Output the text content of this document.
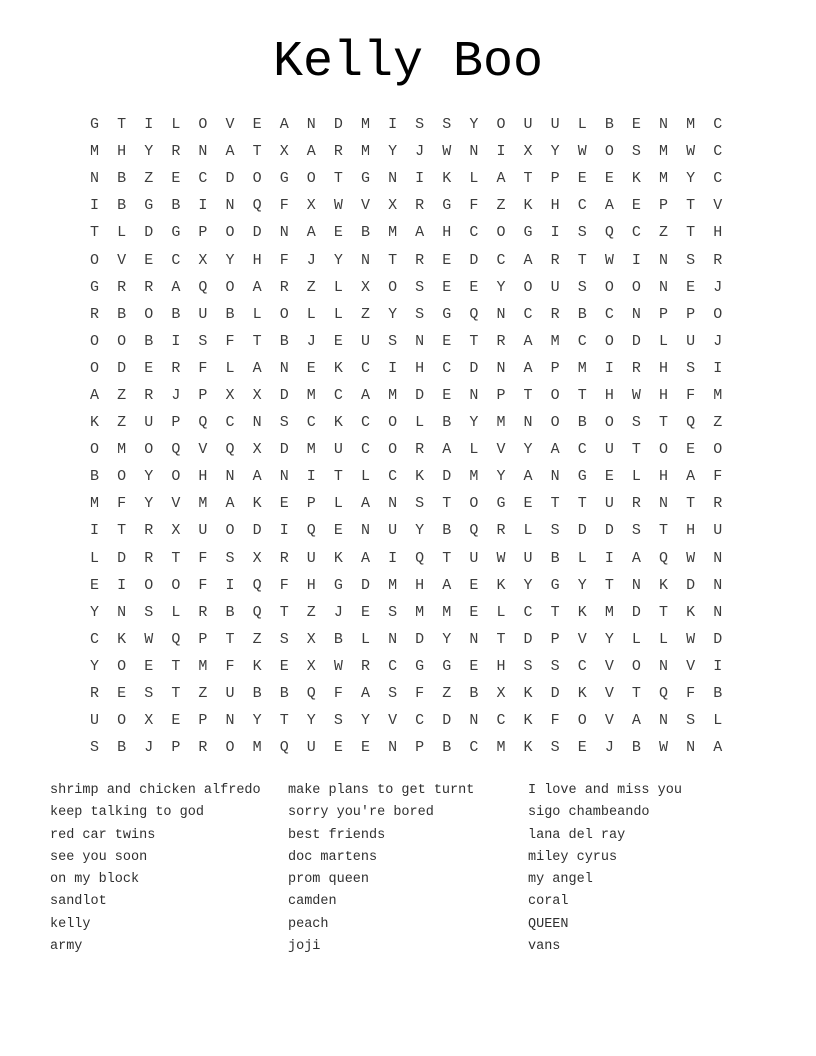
Kelly Boo
G	T	I	L	O	V	E	A	N	D	M	I	S	S	Y	O	U	U	L	B	E	N	M	C
M	H	Y	R	N	A	T	X	A	R	M	Y	J	W	N	I	X	Y	W	O	S	M	W	C
N	B	Z	E	C	D	O	G	O	T	G	N	I	K	L	A	T	P	E	E	K	M	Y	C
I	B	G	B	I	N	Q	F	X	W	V	X	R	G	F	Z	K	H	C	A	E	P	T	V
T	L	D	G	P	O	D	N	A	E	B	M	A	H	C	O	G	I	S	Q	C	Z	T	H
O	V	E	C	X	Y	H	F	J	Y	N	T	R	E	D	C	A	R	T	W	I	N	S	R
G	R	R	A	Q	O	A	R	Z	L	X	O	S	E	E	Y	O	U	S	O	O	N	E	J
R	B	O	B	U	B	L	O	L	L	Z	Y	S	G	Q	N	C	R	B	C	N	P	P	O
O	O	B	I	S	F	T	B	J	E	U	S	N	E	T	R	A	M	C	O	D	L	U	J
O	D	E	R	F	L	A	N	E	K	C	I	H	C	D	N	A	P	M	I	R	H	S	I
A	Z	R	J	P	X	X	D	M	C	A	M	D	E	N	P	T	O	T	H	W	H	F	M
K	Z	U	P	Q	C	N	S	C	K	C	O	L	B	Y	M	N	O	B	O	S	T	Q	Z
O	M	O	Q	V	Q	X	D	M	U	C	O	R	A	L	V	Y	A	C	U	T	O	E	O
B	O	Y	O	H	N	A	N	I	T	L	C	K	D	M	Y	A	N	G	E	L	H	A	F
M	F	Y	V	M	A	K	E	P	L	A	N	S	T	O	G	E	T	T	U	R	N	T	R
I	T	R	X	U	O	D	I	Q	E	N	U	Y	B	Q	R	L	S	D	D	S	T	H	U
L	D	R	T	F	S	X	R	U	K	A	I	Q	T	U	W	U	B	L	I	A	Q	W	N
E	I	O	O	F	I	Q	F	H	G	D	M	H	A	E	K	Y	G	Y	T	N	K	D	N
Y	N	S	L	R	B	Q	T	Z	J	E	S	M	M	E	L	C	T	K	M	D	T	K	N
C	K	W	Q	P	T	Z	S	X	B	L	N	D	Y	N	T	D	P	V	Y	L	L	W	D
Y	O	E	T	M	F	K	E	X	W	R	C	G	G	E	H	S	S	C	V	O	N	V	I
R	E	S	T	Z	U	B	B	Q	F	A	S	F	Z	B	X	K	D	K	V	T	Q	F	B
U	O	X	E	P	N	Y	T	Y	S	Y	V	C	D	N	C	K	F	O	V	A	N	S	L
S	B	J	P	R	O	M	Q	U	E	E	N	P	B	C	M	K	S	E	J	B	W	N	A
shrimp and chicken alfredo
keep talking to god
red car twins
see you soon
on my block
sandlot
kelly
army
make plans to get turnt
sorry you're bored
best friends
doc martens
prom queen
camden
peach
joji
I love and miss you
sigo chambeando
lana del ray
miley cyrus
my angel
coral
QUEEN
vans
